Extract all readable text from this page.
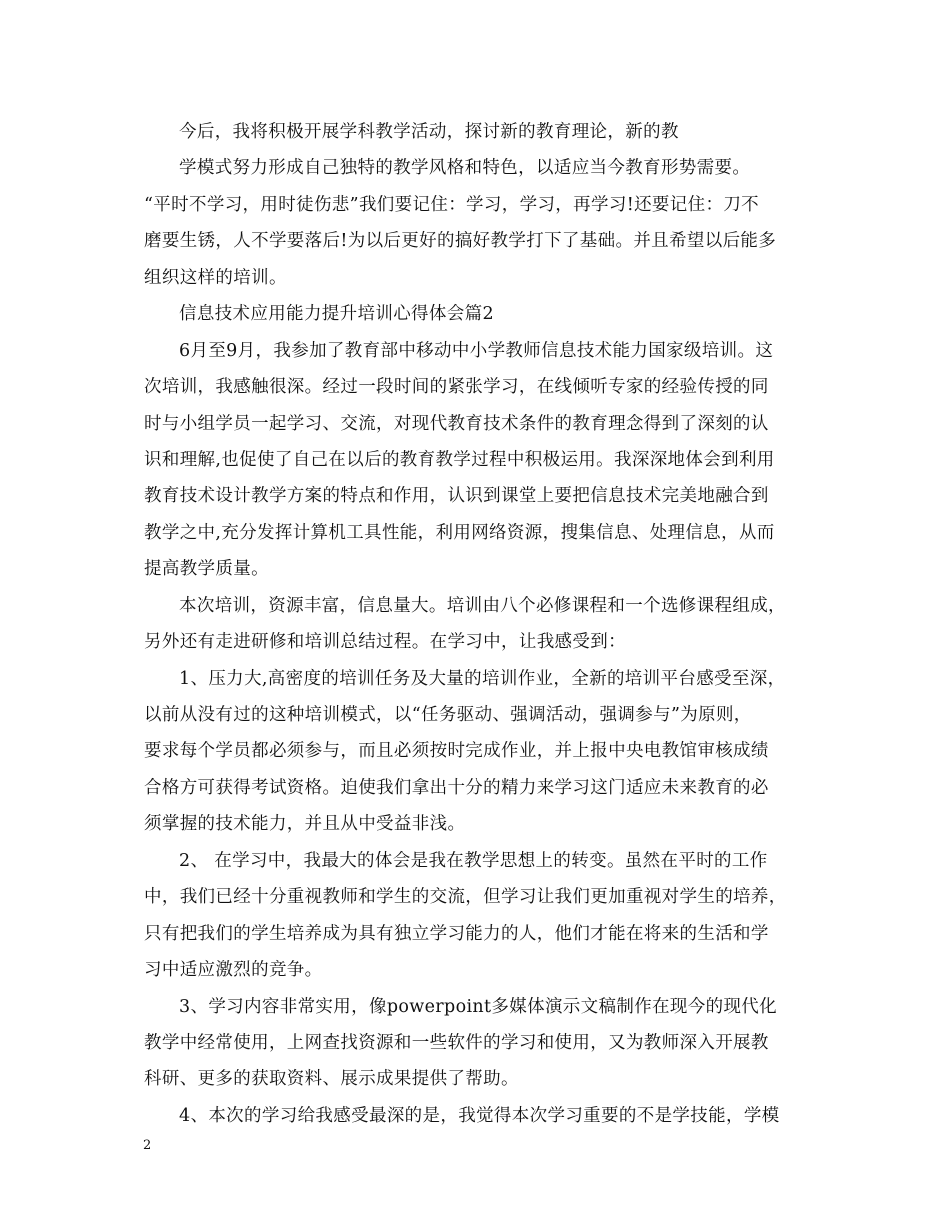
今后，我将积极开展学科教学活动，探讨新的教育理论，新的教
学模式努力形成自己独特的教学风格和特色，以适应当今教育形势需要。
“平时不学习，用时徒伤悲”我们要记住：学习，学习，再学习!还要记住：刀不
磨要生锈，人不学要落后!为以后更好的搞好教学打下了基础。并且希望以后能多
组织这样的培训。
信息技术应用能力提升培训心得体会篇2
6月至9月，我参加了教育部中移动中小学教师信息技术能力国家级培训。这
次培训，我感触很深。经过一段时间的紧张学习，在线倾听专家的经验传授的同
时与小组学员一起学习、交流，对现代教育技术条件的教育理念得到了深刻的认
识和理解,也促使了自己在以后的教育教学过程中积极运用。我深深地体会到利用
教育技术设计教学方案的特点和作用，认识到课堂上要把信息技术完美地融合到
教学之中,充分发挥计算机工具性能，利用网络资源，搜集信息、处理信息，从而
提高教学质量。
本次培训，资源丰富，信息量大。培训由八个必修课程和一个选修课程组成，
另外还有走进研修和培训总结过程。在学习中，让我感受到：
1、压力大,高密度的培训任务及大量的培训作业，全新的培训平台感受至深，
以前从没有过的这种培训模式，以“任务驱动、强调活动，强调参与”为原则，
要求每个学员都必须参与，而且必须按时完成作业，并上报中央电教馆审核成绩
合格方可获得考试资格。迫使我们拿出十分的精力来学习这门适应未来教育的必
须掌握的技术能力，并且从中受益非浅。
2、 在学习中，我最大的体会是我在教学思想上的转变。虽然在平时的工作
中，我们已经十分重视教师和学生的交流，但学习让我们更加重视对学生的培养，
只有把我们的学生培养成为具有独立学习能力的人，他们才能在将来的生活和学
习中适应激烈的竞争。
3、学习内容非常实用，像powerpoint多媒体演示文稿制作在现今的现代化
教学中经常使用，上网查找资源和一些软件的学习和使用，又为教师深入开展教
科研、更多的获取资料、展示成果提供了帮助。
4、本次的学习给我感受最深的是，我觉得本次学习重要的不是学技能，学模
2
